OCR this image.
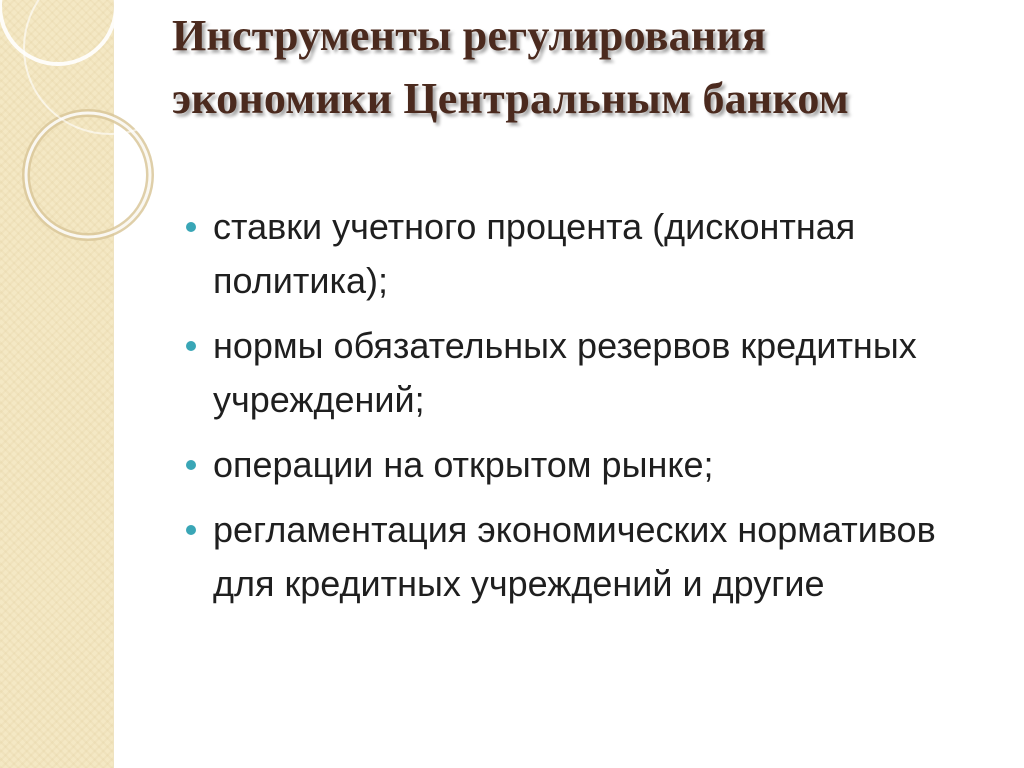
Инструменты регулирования экономики Центральным банком
ставки учетного процента (дисконтная политика);
нормы обязательных резервов кредитных учреждений;
операции на открытом рынке;
регламентация экономических нормативов для кредитных учреждений и другие
